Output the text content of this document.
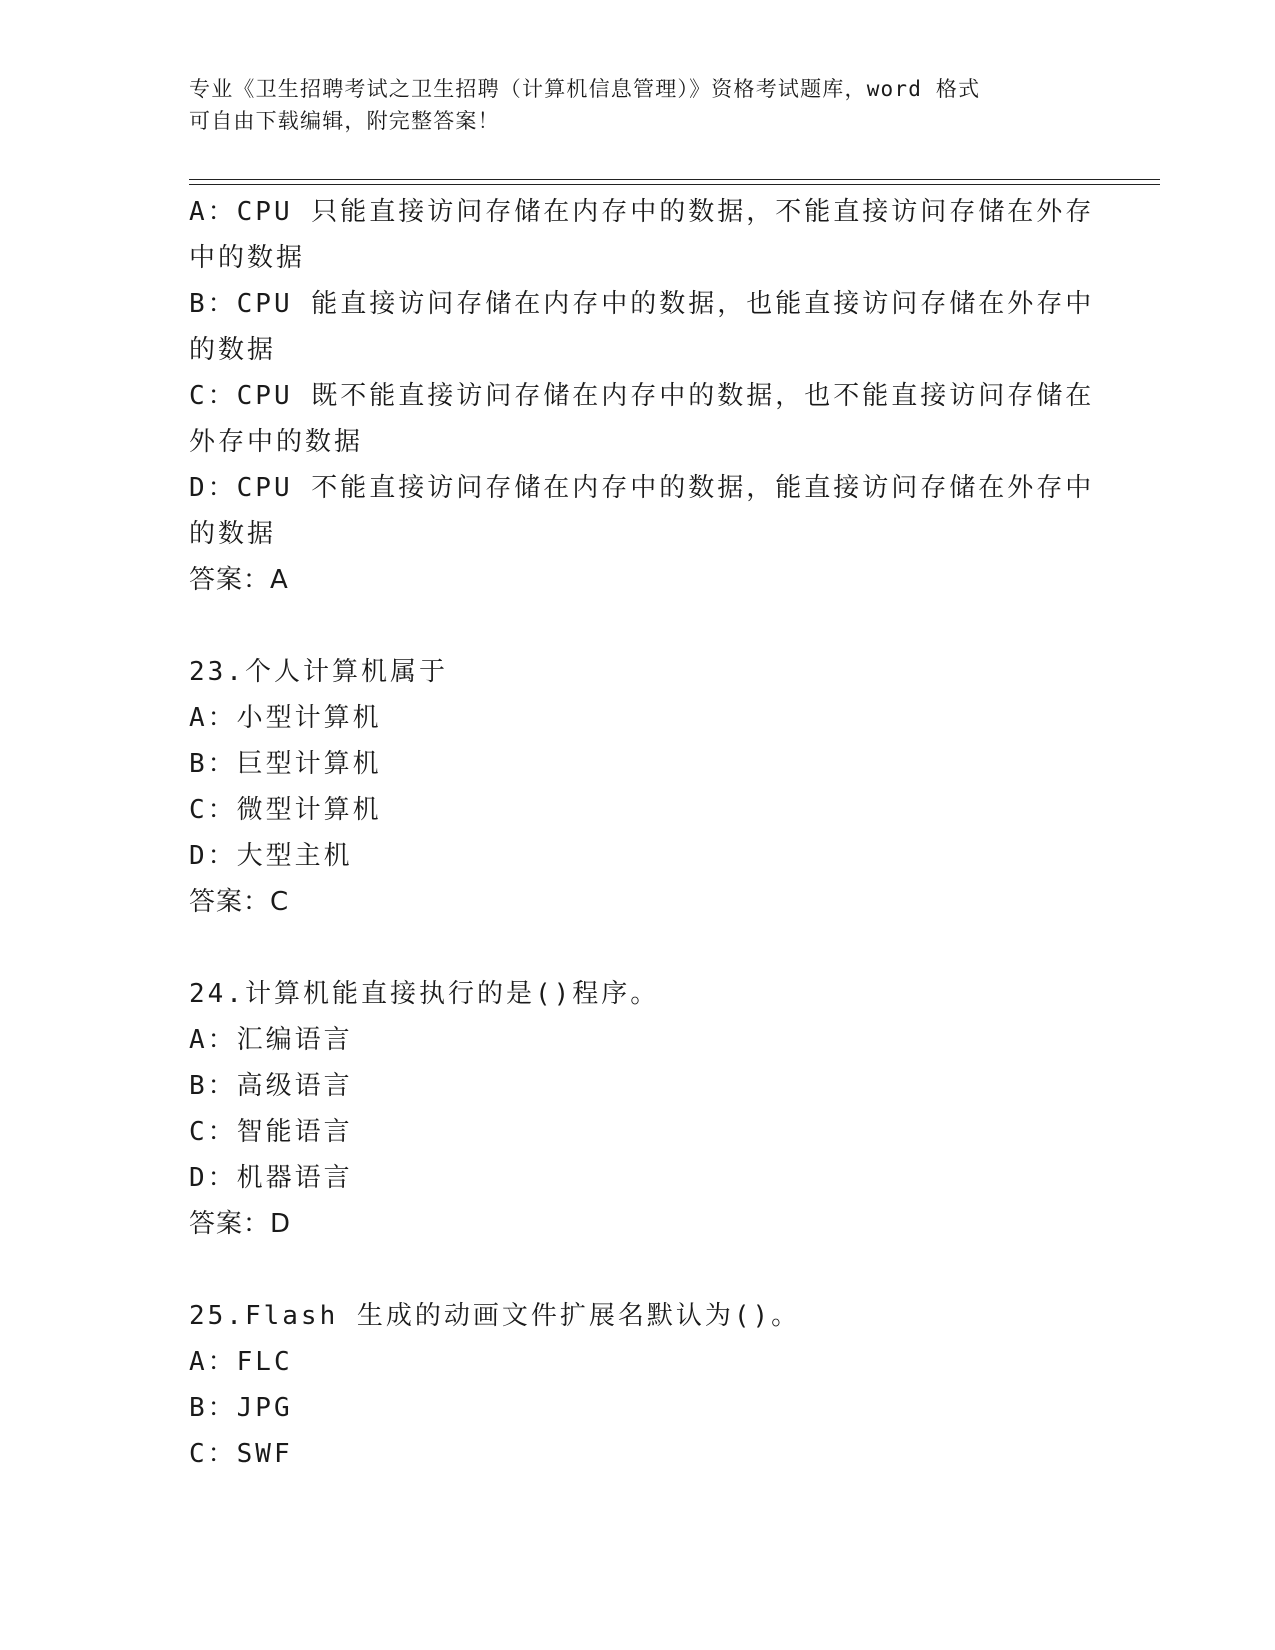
专业《卫生招聘考试之卫生招聘（计算机信息管理）》资格考试题库，word 格式
可自由下载编辑，附完整答案！
A：CPU 只能直接访问存储在内存中的数据，不能直接访问存储在外存
中的数据
B：CPU 能直接访问存储在内存中的数据，也能直接访问存储在外存中
的数据
C：CPU 既不能直接访问存储在内存中的数据，也不能直接访问存储在
外存中的数据
D：CPU 不能直接访问存储在内存中的数据，能直接访问存储在外存中
的数据
答案：A
23.个人计算机属于
A：小型计算机
B：巨型计算机
C：微型计算机
D：大型主机
答案：C
24.计算机能直接执行的是()程序。
A：汇编语言
B：高级语言
C：智能语言
D：机器语言
答案：D
25.Flash 生成的动画文件扩展名默认为()。
A：FLC
B：JPG
C：SWF
